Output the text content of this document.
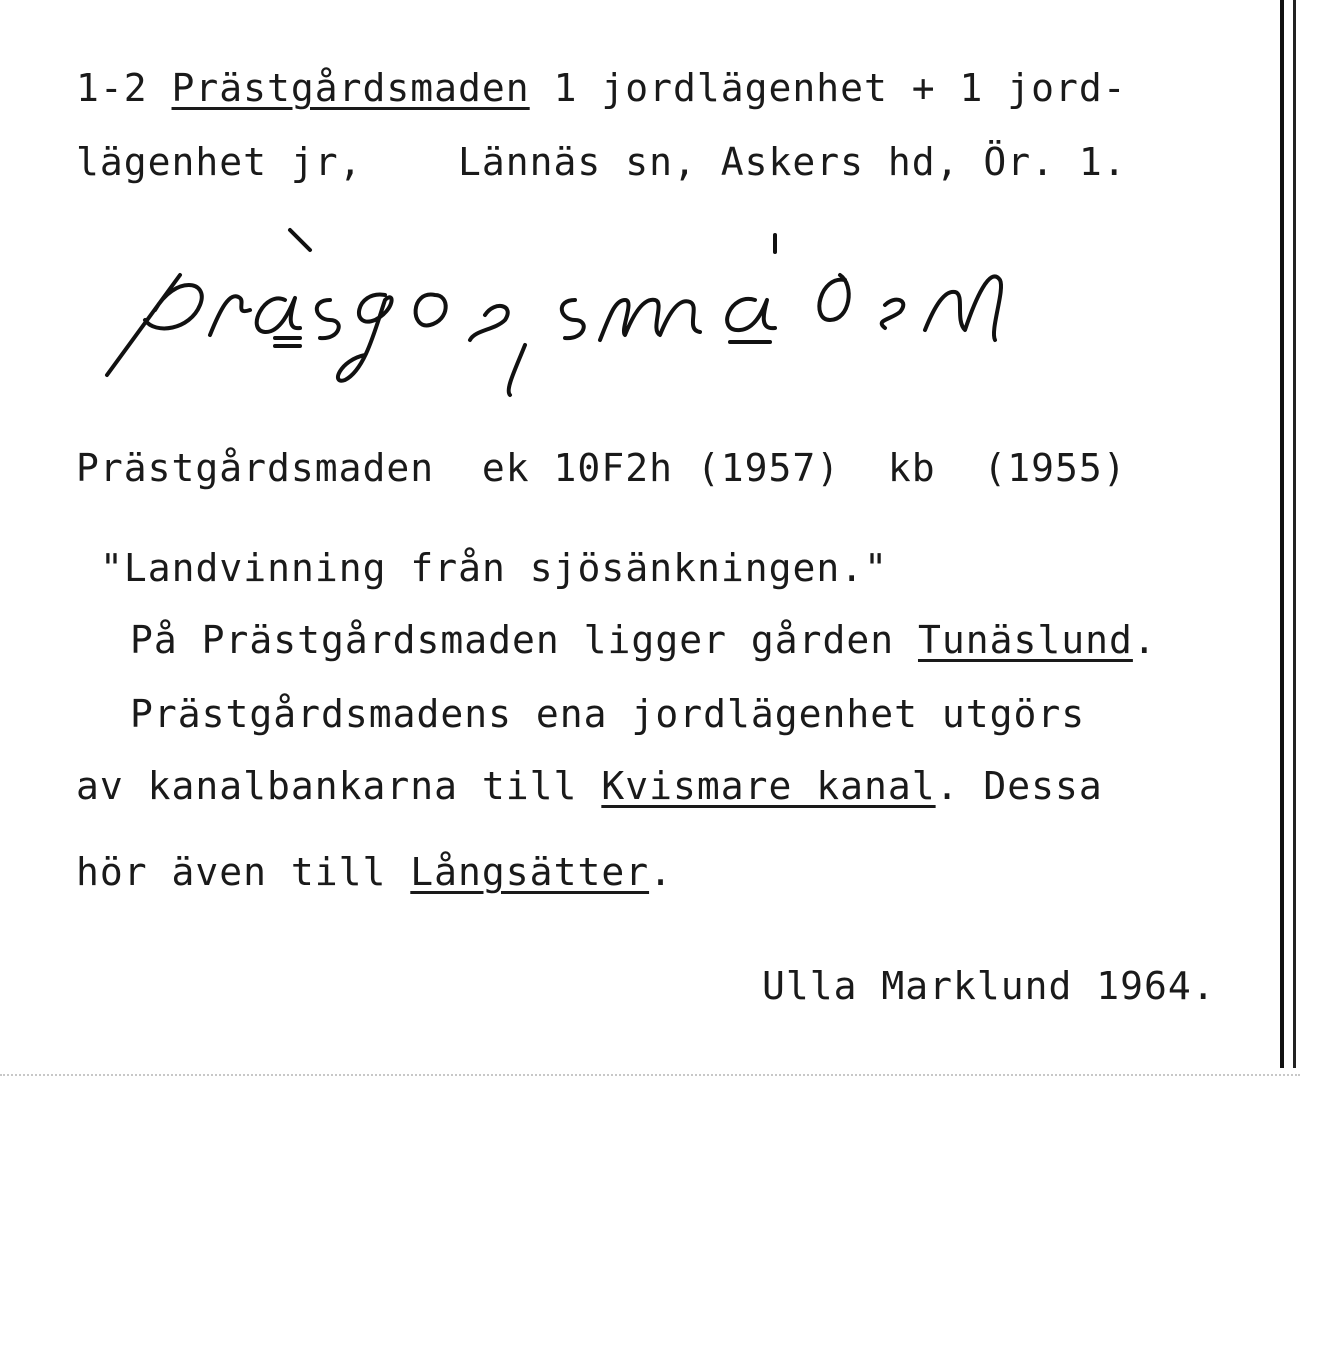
1-2 Prästgårdsmaden 1 jordlägenhet + 1 jord-
lägenhet jr,    Lännäs sn, Askers hd, Ör. 1.
Prästgårdsmaden  ek 10F2h (1957)  kb  (1955)
"Landvinning från sjösänkningen."
På Prästgårdsmaden ligger gården Tunäslund.
Prästgårdsmadens ena jordlägenhet utgörs
av kanalbankarna till Kvismare kanal. Dessa
hör även till Långsätter.
Ulla Marklund 1964.
